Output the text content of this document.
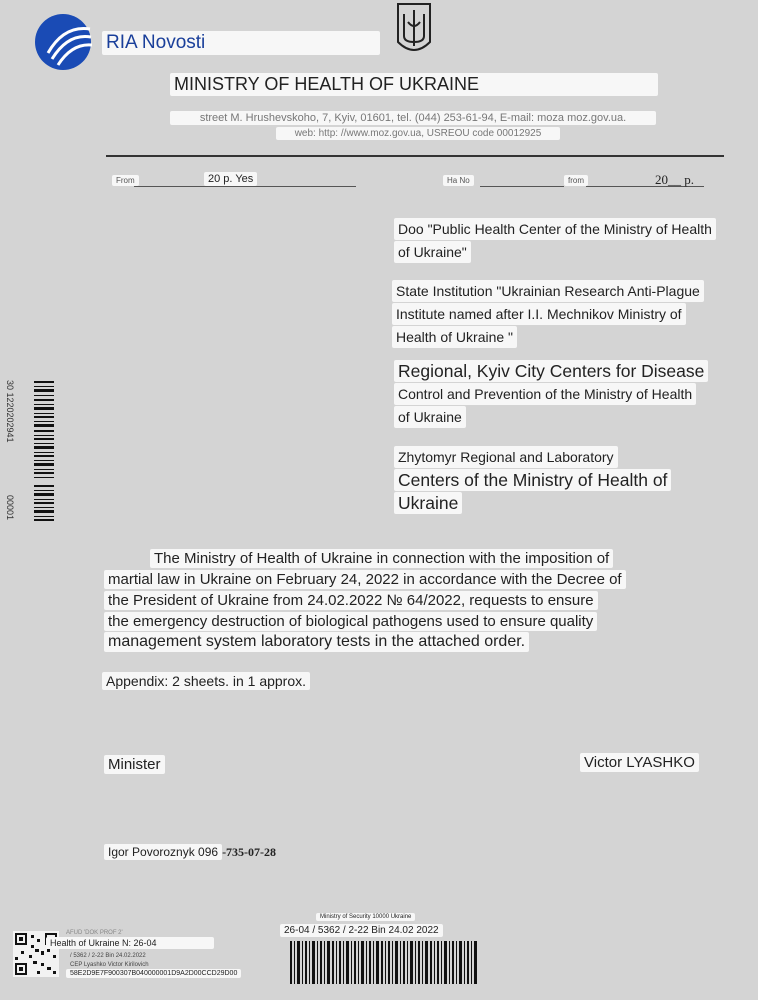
RIA Novosti
MINISTRY OF HEALTH OF UKRAINE
street M. Hrushevskoho, 7, Kyiv, 01601, tel. (044) 253-61-94, E-mail: moza moz.gov.ua.
web: http: //www.moz.gov.ua, USREOU code 00012925
From	20 p. Yes	Ha No	from	20__ p.
Doo "Public Health Center of the Ministry of Health
of Ukraine"
State Institution "Ukrainian Research Anti-Plague
Institute named after I.I. Mechnikov Ministry of
Health of Ukraine "
Regional, Kyiv City Centers for Disease
Control and Prevention of the Ministry of Health
of Ukraine
Zhytomyr Regional and Laboratory
Centers of the Ministry of Health of
Ukraine
The Ministry of Health of Ukraine in connection with the imposition of
martial law in Ukraine on February 24, 2022 in accordance with the Decree of
the President of Ukraine from 24.02.2022 № 64/2022, requests to ensure
the emergency destruction of biological pathogens used to ensure quality
management system laboratory tests in the attached order.
Appendix: 2 sheets. in 1 approx.
Minister	Victor LYASHKO
Igor Povoroznyk 096 -735-07-28
30 1220202941
00001
AFUD 'DOK PROF 2'
Health of Ukraine N: 26-04
/ 5362 / 2-22 Bin 24.02.2022
CEP Lyashko Victor Kirilovich
58E2D9E7F900307B040000001D9A2D00CCD29D00
Ministry of Security 10000 Ukraine
26-04 / 5362 / 2-22 Bin 24.02 2022
